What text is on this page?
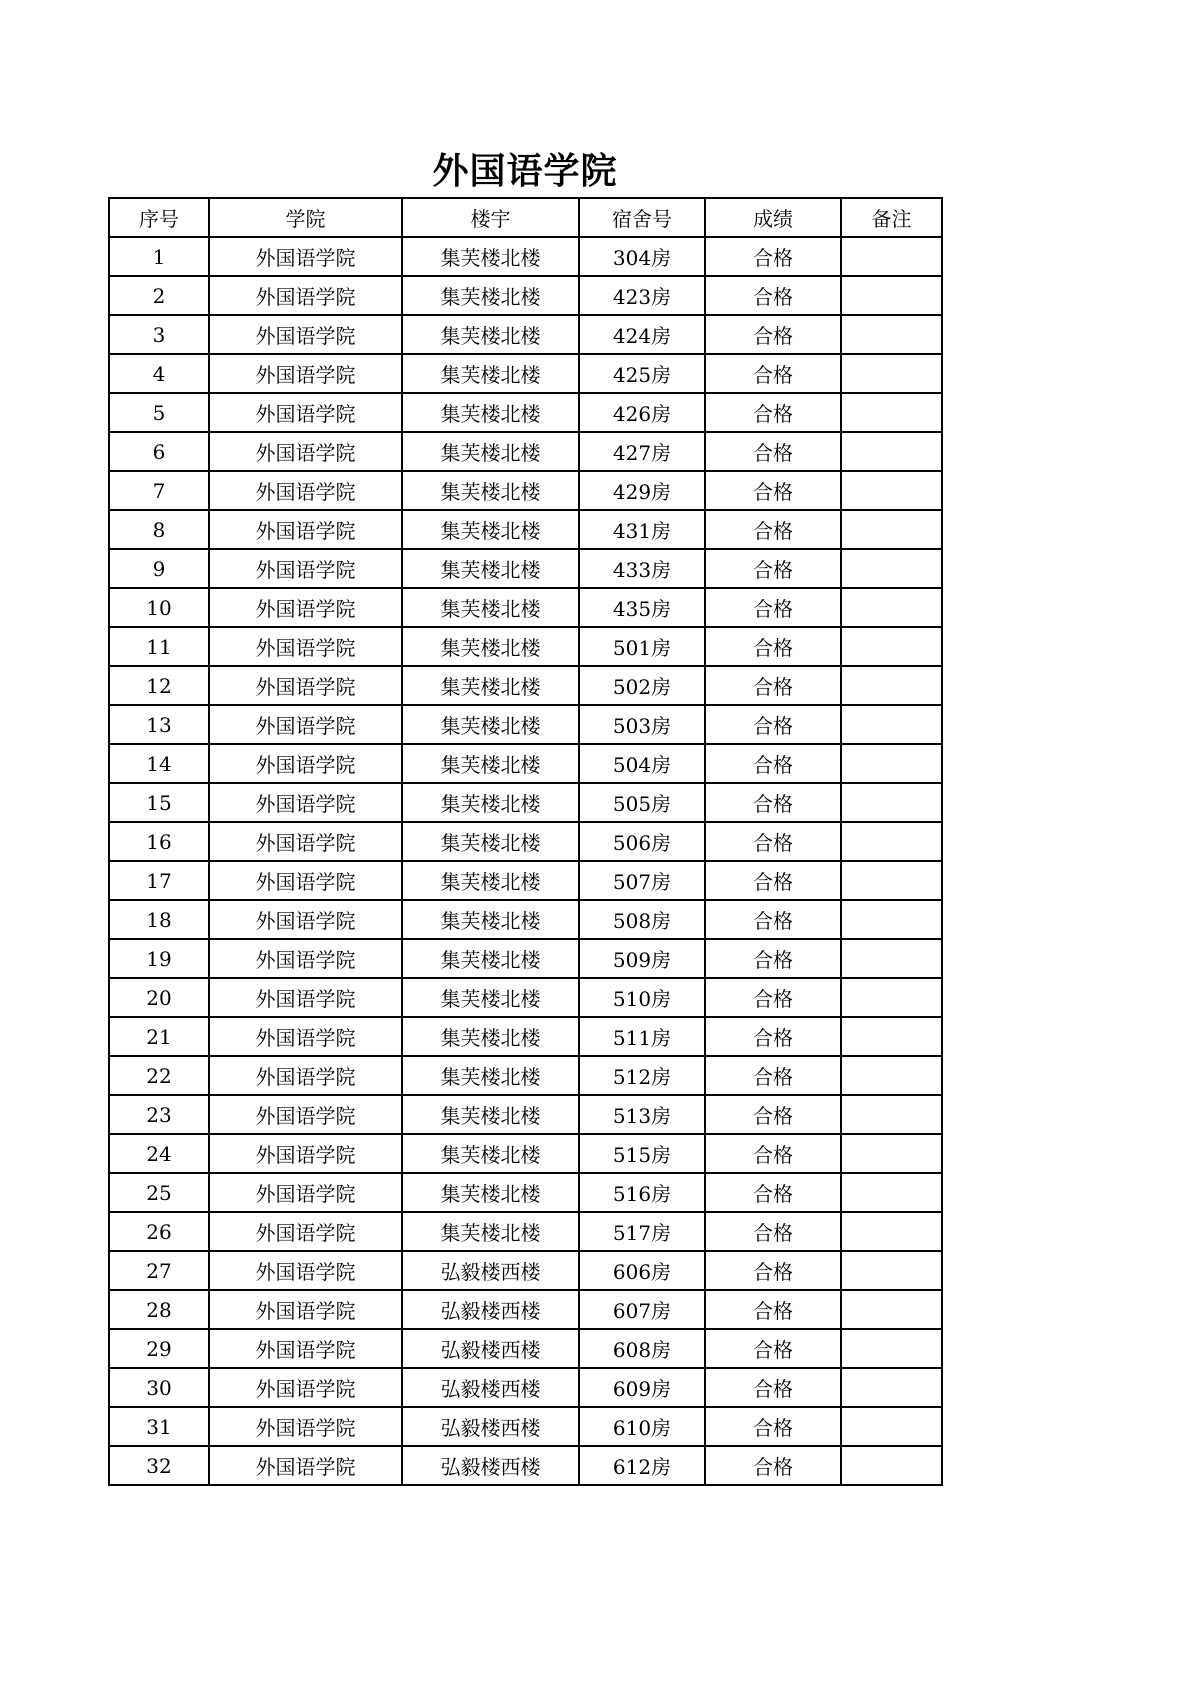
外国语学院
序号	学院	楼宇	宿舍号	成绩	备注
1	外国语学院	集芙楼北楼	304房	合格	
2	外国语学院	集芙楼北楼	423房	合格	
3	外国语学院	集芙楼北楼	424房	合格	
4	外国语学院	集芙楼北楼	425房	合格	
5	外国语学院	集芙楼北楼	426房	合格	
6	外国语学院	集芙楼北楼	427房	合格	
7	外国语学院	集芙楼北楼	429房	合格	
8	外国语学院	集芙楼北楼	431房	合格	
9	外国语学院	集芙楼北楼	433房	合格	
10	外国语学院	集芙楼北楼	435房	合格	
11	外国语学院	集芙楼北楼	501房	合格	
12	外国语学院	集芙楼北楼	502房	合格	
13	外国语学院	集芙楼北楼	503房	合格	
14	外国语学院	集芙楼北楼	504房	合格	
15	外国语学院	集芙楼北楼	505房	合格	
16	外国语学院	集芙楼北楼	506房	合格	
17	外国语学院	集芙楼北楼	507房	合格	
18	外国语学院	集芙楼北楼	508房	合格	
19	外国语学院	集芙楼北楼	509房	合格	
20	外国语学院	集芙楼北楼	510房	合格	
21	外国语学院	集芙楼北楼	511房	合格	
22	外国语学院	集芙楼北楼	512房	合格	
23	外国语学院	集芙楼北楼	513房	合格	
24	外国语学院	集芙楼北楼	515房	合格	
25	外国语学院	集芙楼北楼	516房	合格	
26	外国语学院	集芙楼北楼	517房	合格	
27	外国语学院	弘毅楼西楼	606房	合格	
28	外国语学院	弘毅楼西楼	607房	合格	
29	外国语学院	弘毅楼西楼	608房	合格	
30	外国语学院	弘毅楼西楼	609房	合格	
31	外国语学院	弘毅楼西楼	610房	合格	
32	外国语学院	弘毅楼西楼	612房	合格	
